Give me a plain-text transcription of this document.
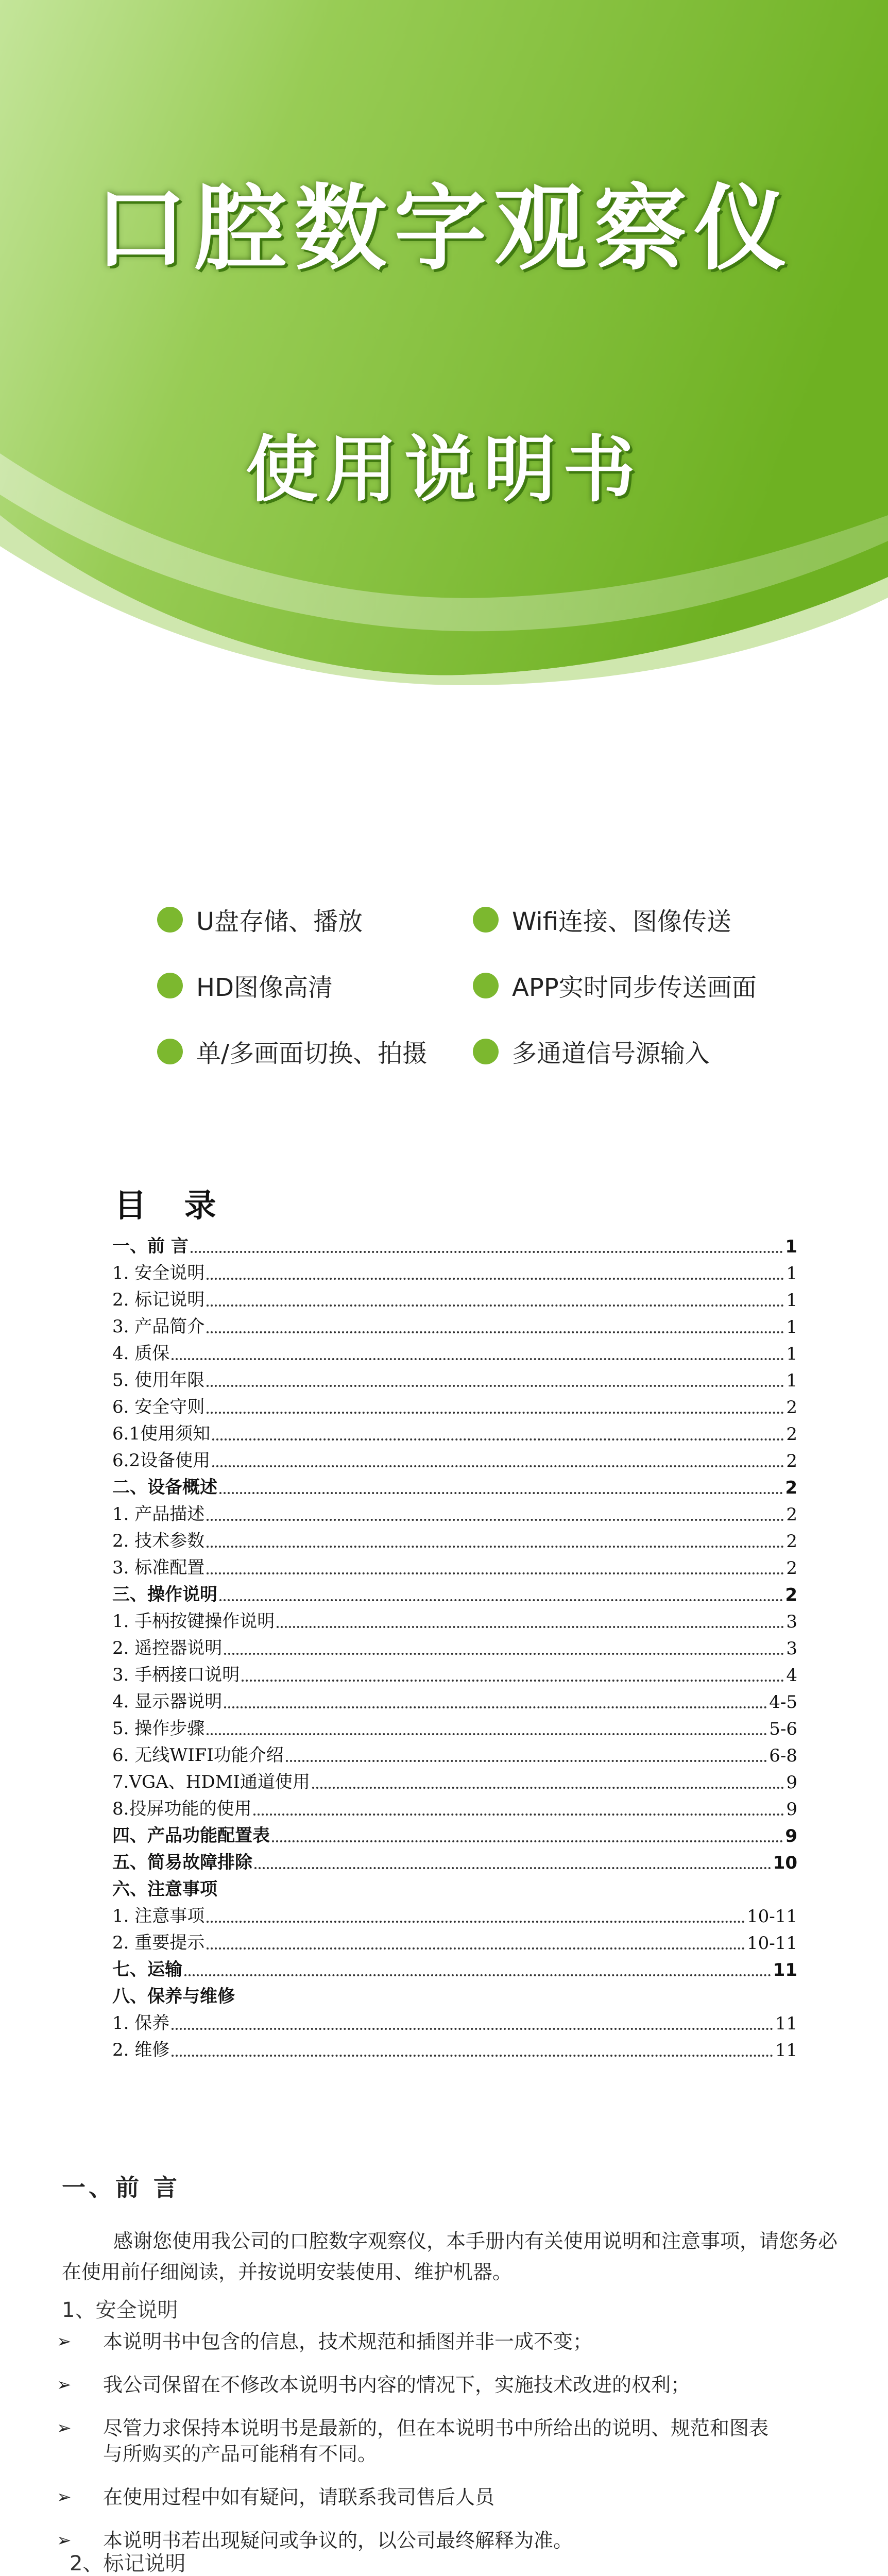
口腔数字观察仪
使用说明书
U盘存储、播放	Wifi连接、图像传送
HD图像高清	APP实时同步传送画面
单/多画面切换、拍摄	多通道信号源输入
目 录
一、前 言	1
1. 安全说明	1
2. 标记说明	1
3. 产品简介	1
4. 质保	1
5. 使用年限	1
6. 安全守则	2
6.1使用须知	2
6.2设备使用	2
二、设备概述	2
1. 产品描述	2
2. 技术参数	2
3. 标准配置	2
三、操作说明	2
1. 手柄按键操作说明	3
2. 遥控器说明	3
3. 手柄接口说明	4
4. 显示器说明	4-5
5. 操作步骤	5-6
6. 无线WIFI功能介绍	6-8
7.VGA、HDMI通道使用	9
8.投屏功能的使用	9
四、产品功能配置表	9
五、简易故障排除	10
六、注意事项
1. 注意事项	10-11
2. 重要提示	10-11
七、运输	11
八、保养与维修
1. 保养	11
2. 维修	11
一、前 言
感谢您使用我公司的口腔数字观察仪，本手册内有关使用说明和注意事项，请您务必在使用前仔细阅读，并按说明安装使用、维护机器。
1、安全说明
➢	本说明书中包含的信息，技术规范和插图并非一成不变；
➢	我公司保留在不修改本说明书内容的情况下，实施技术改进的权利；
➢	尽管力求保持本说明书是最新的，但在本说明书中所给出的说明、规范和图表与所购买的产品可能稍有不同。
➢	在使用过程中如有疑问，请联系我司售后人员
➢	本说明书若出现疑问或争议的，以公司最终解释为准。
2、标记说明
